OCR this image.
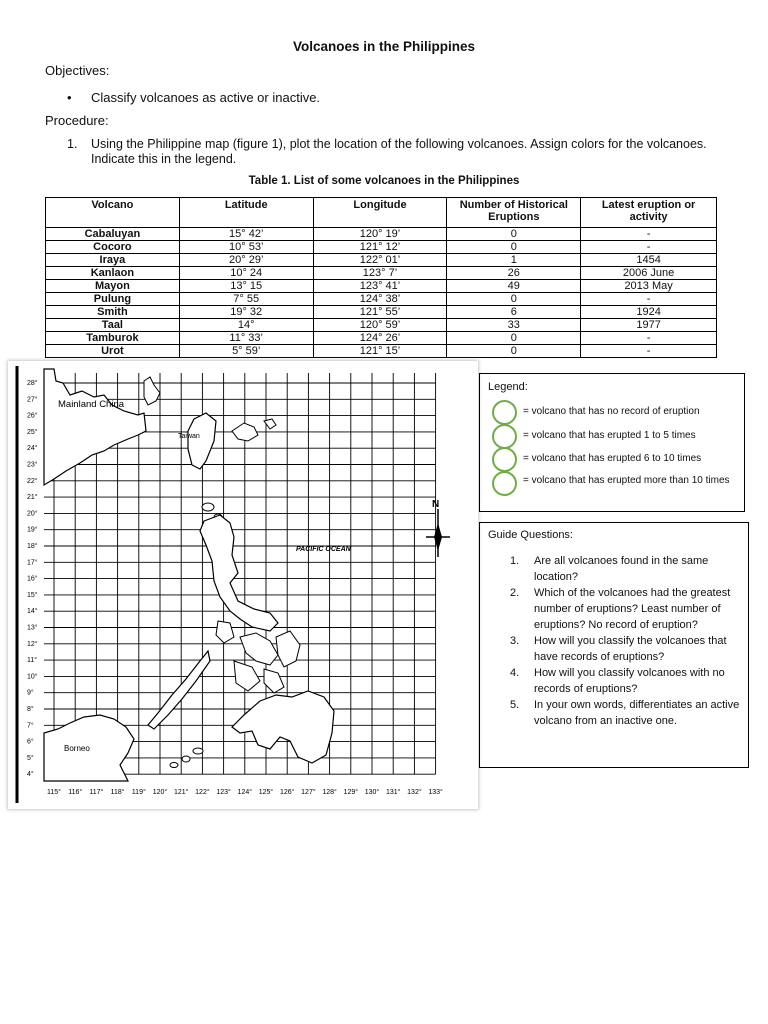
Volcanoes in the Philippines
Objectives:
• Classify volcanoes as active or inactive.
Procedure:
1. Using the Philippine map (figure 1), plot the location of the following volcanoes. Assign colors for the volcanoes. Indicate this in the legend.
Table 1. List of some volcanoes in the Philippines
Volcano	Latitude	Longitude	Number of Historical Eruptions	Latest eruption or activity
Cabaluyan	15° 42’	120° 19’	0	-
Cocoro	10° 53’	121° 12’	0	-
Iraya	20° 29’	122° 01’	1	1454
Kanlaon	10° 24	123° 7’	26	2006 June
Mayon	13° 15	123° 41’	49	2013 May
Pulung	7° 55	124° 38’	0	-
Smith	19° 32	121° 55’	6	1924
Taal	14°	120° 59’	33	1977
Tamburok	11° 33’	124° 26’	0	-
Urot	5° 59’	121° 15’	0	-
28°
27°
26°
25°
24°
23°
22°
21°
20°
19°
18°
17°
16°
15°
14°
13°
12°
11°
10°
9°
8°
7°
6°
5°
4°
115° 116° 117° 118° 119° 120° 121° 122° 123° 124° 125° 126° 127° 128° 129° 130° 131° 132° 133°
N
Mainland China
Taiwan
PACIFIC OCEAN
Borneo
Legend:
= volcano that has no record of eruption
= volcano that has erupted 1 to 5 times
= volcano that has erupted 6 to 10 times
= volcano that has erupted more than 10 times
Guide Questions:
1. Are all volcanoes found in the same location?
2. Which of the volcanoes had the greatest number of eruptions? Least number of eruptions? No record of eruption?
3. How will you classify the volcanoes that have records of eruptions?
4. How will you classify volcanoes with no records of eruptions?
5. In your own words, differentiates an active volcano from an inactive one.
